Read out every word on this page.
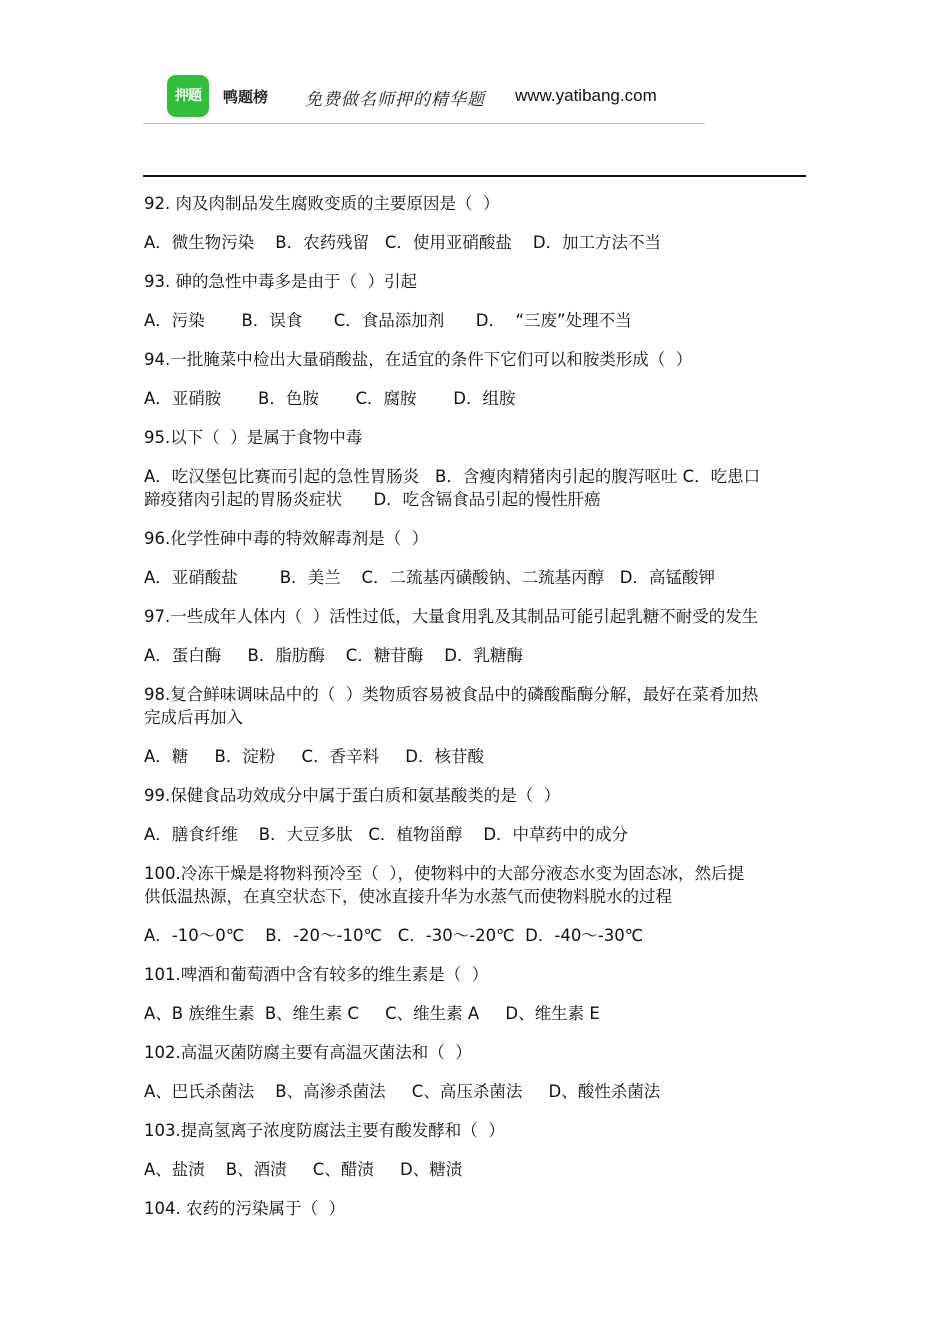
押题	鸭题榜 免费做名师押的精华题 www.yatibang.com
92. 肉及肉制品发生腐败变质的主要原因是（  ）
A．微生物污染    B．农药残留   C．使用亚硝酸盐    D．加工方法不当
93. 砷的急性中毒多是由于（  ）引起
A．污染       B．误食      C．食品添加剂      D．  “三废”处理不当
94.一批腌菜中检出大量硝酸盐，在适宜的条件下它们可以和胺类形成（  ）
A．亚硝胺       B．色胺       C．腐胺       D．组胺
95.以下（  ）是属于食物中毒
A．吃汉堡包比赛而引起的急性胃肠炎   B．含瘦肉精猪肉引起的腹泻呕吐 C．吃患口
蹄疫猪肉引起的胃肠炎症状      D．吃含镉食品引起的慢性肝癌
96.化学性砷中毒的特效解毒剂是（  ）
A．亚硝酸盐        B．美兰    C．二巯基丙磺酸钠、二巯基丙醇   D．高锰酸钾
97.一些成年人体内（  ）活性过低，大量食用乳及其制品可能引起乳糖不耐受的发生
A．蛋白酶     B．脂肪酶    C．糖苷酶    D．乳糖酶
98.复合鲜味调味品中的（  ）类物质容易被食品中的磷酸酯酶分解，最好在菜肴加热
完成后再加入
A．糖     B．淀粉     C．香辛料     D．核苷酸
99.保健食品功效成分中属于蛋白质和氨基酸类的是（  ）
A．膳食纤维    B．大豆多肽   C．植物甾醇    D．中草药中的成分
100.冷冻干燥是将物料预冷至（  ），使物料中的大部分液态水变为固态冰，然后提
供低温热源，在真空状态下，使冰直接升华为水蒸气而使物料脱水的过程
A．-10～0℃    B．-20～-10℃   C．-30～-20℃  D．-40～-30℃
101.啤酒和葡萄酒中含有较多的维生素是（  ）
A、B 族维生素  B、维生素 C     C、维生素 A     D、维生素 E
102.高温灭菌防腐主要有高温灭菌法和（  ）
A、巴氏杀菌法    B、高渗杀菌法     C、高压杀菌法     D、酸性杀菌法
103.提高氢离子浓度防腐法主要有酸发酵和（  ）
A、盐渍    B、酒渍     C、醋渍     D、糖渍
104. 农药的污染属于（  ）
